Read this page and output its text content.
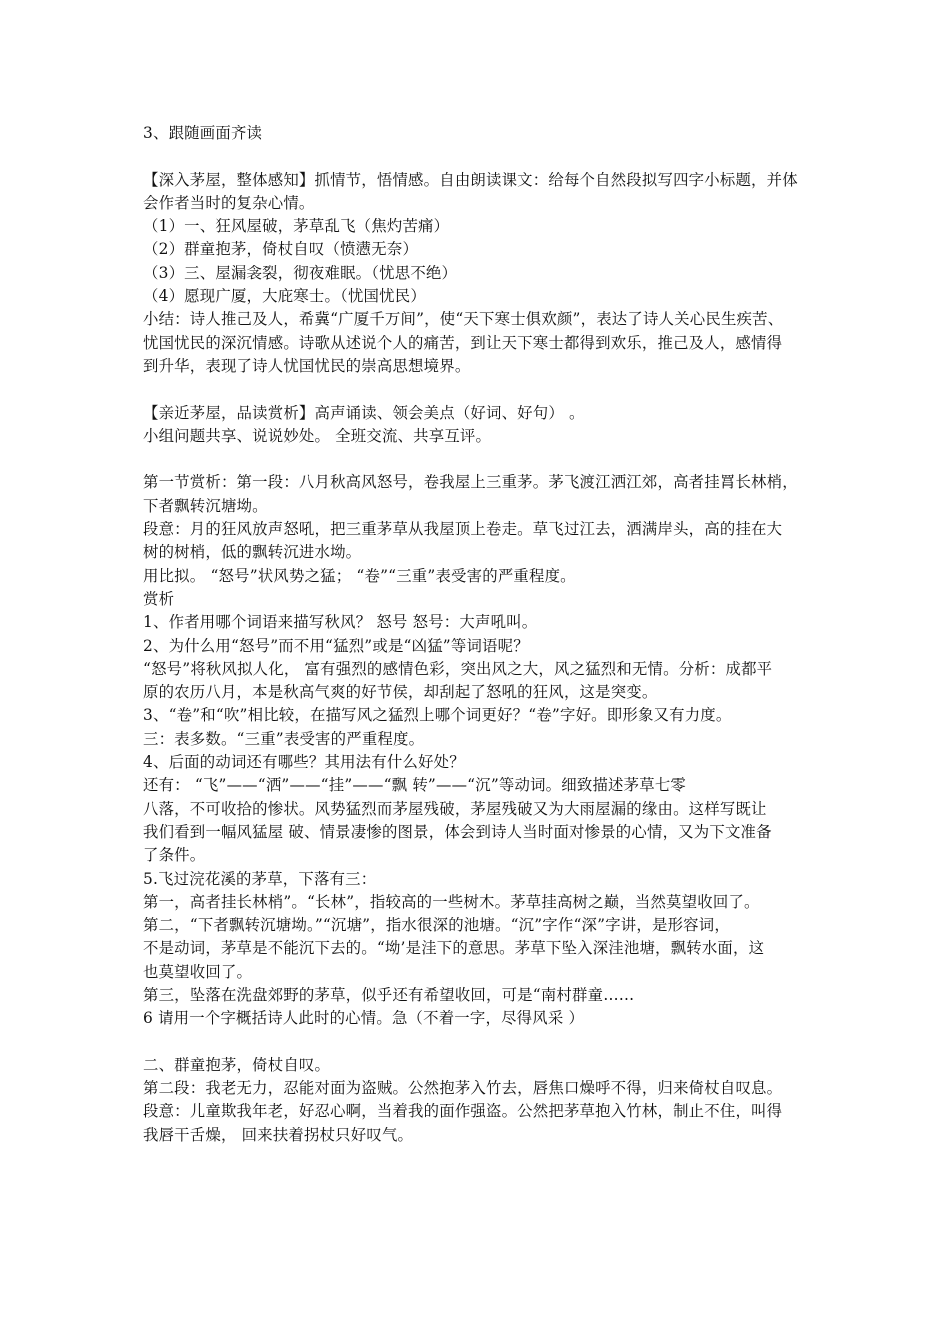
3、跟随画面齐读
【深入茅屋，整体感知】抓情节，悟情感。自由朗读课文：给每个自然段拟写四字小标题，并体
会作者当时的复杂心情。
（1）一、狂风屋破，茅草乱飞（焦灼苦痛）
（2）群童抱茅，倚杖自叹（愤懑无奈）
（3）三、屋漏衾裂，彻夜难眠。（忧思不绝）
（4）愿现广厦，大庇寒士。（忧国忧民）
小结：诗人推己及人，希冀“广厦千万间”，使“天下寒士俱欢颜”，表达了诗人关心民生疾苦、
忧国忧民的深沉情感。诗歌从述说个人的痛苦，到让天下寒士都得到欢乐，推己及人，感情得
到升华，表现了诗人忧国忧民的崇高思想境界。
【亲近茅屋，品读赏析】高声诵读、领会美点（好词、好句） 。
小组问题共享、说说妙处。 全班交流、共享互评。
第一节赏析：第一段：八月秋高风怒号，卷我屋上三重茅。茅飞渡江洒江郊，高者挂罥长林梢，
下者飘转沉塘坳。
段意：月的狂风放声怒吼，把三重茅草从我屋顶上卷走。草飞过江去，洒满岸头，高的挂在大
树的树梢，低的飘转沉进水坳。
用比拟。 “怒号”状风势之猛； “卷”“三重”表受害的严重程度。
赏析
1、作者用哪个词语来描写秋风？ 怒号 怒号：大声吼叫。
2、为什么用“怒号”而不用“猛烈”或是“凶猛”等词语呢？
“怒号”将秋风拟人化， 富有强烈的感情色彩，突出风之大，风之猛烈和无情。分析：成都平
原的农历八月，本是秋高气爽的好节侯，却刮起了怒吼的狂风，这是突变。
3、“卷”和“吹”相比较，在描写风之猛烈上哪个词更好？“卷”字好。即形象又有力度。
三：表多数。“三重”表受害的严重程度。
4、后面的动词还有哪些？其用法有什么好处？
还有： “飞”——“洒”——“挂”——“飘 转”——“沉”等动词。细致描述茅草七零
八落，不可收拾的惨状。风势猛烈而茅屋残破，茅屋残破又为大雨屋漏的缘由。这样写既让
我们看到一幅风猛屋 破、情景凄惨的图景，体会到诗人当时面对惨景的心情，又为下文准备
了条件。
5.飞过浣花溪的茅草，下落有三：
第一，高者挂长林梢”。“长林”，指较高的一些树木。茅草挂高树之巅，当然莫望收回了。
第二，“下者飘转沉塘坳。”“沉塘”，指水很深的池塘。“沉”字作“深”字讲，是形容词，
不是动词，茅草是不能沉下去的。“坳’是洼下的意思。茅草下坠入深洼池塘，飘转水面，这
也莫望收回了。
第三，坠落在洗盘郊野的茅草，似乎还有希望收回，可是“南村群童……
6 请用一个字概括诗人此时的心情。急（不着一字，尽得风采 ）
二、群童抱茅，倚杖自叹。
第二段：我老无力，忍能对面为盗贼。公然抱茅入竹去，唇焦口燥呼不得，归来倚杖自叹息。
段意：儿童欺我年老，好忍心啊，当着我的面作强盗。公然把茅草抱入竹林，制止不住，叫得
我唇干舌燥， 回来扶着拐杖只好叹气。
